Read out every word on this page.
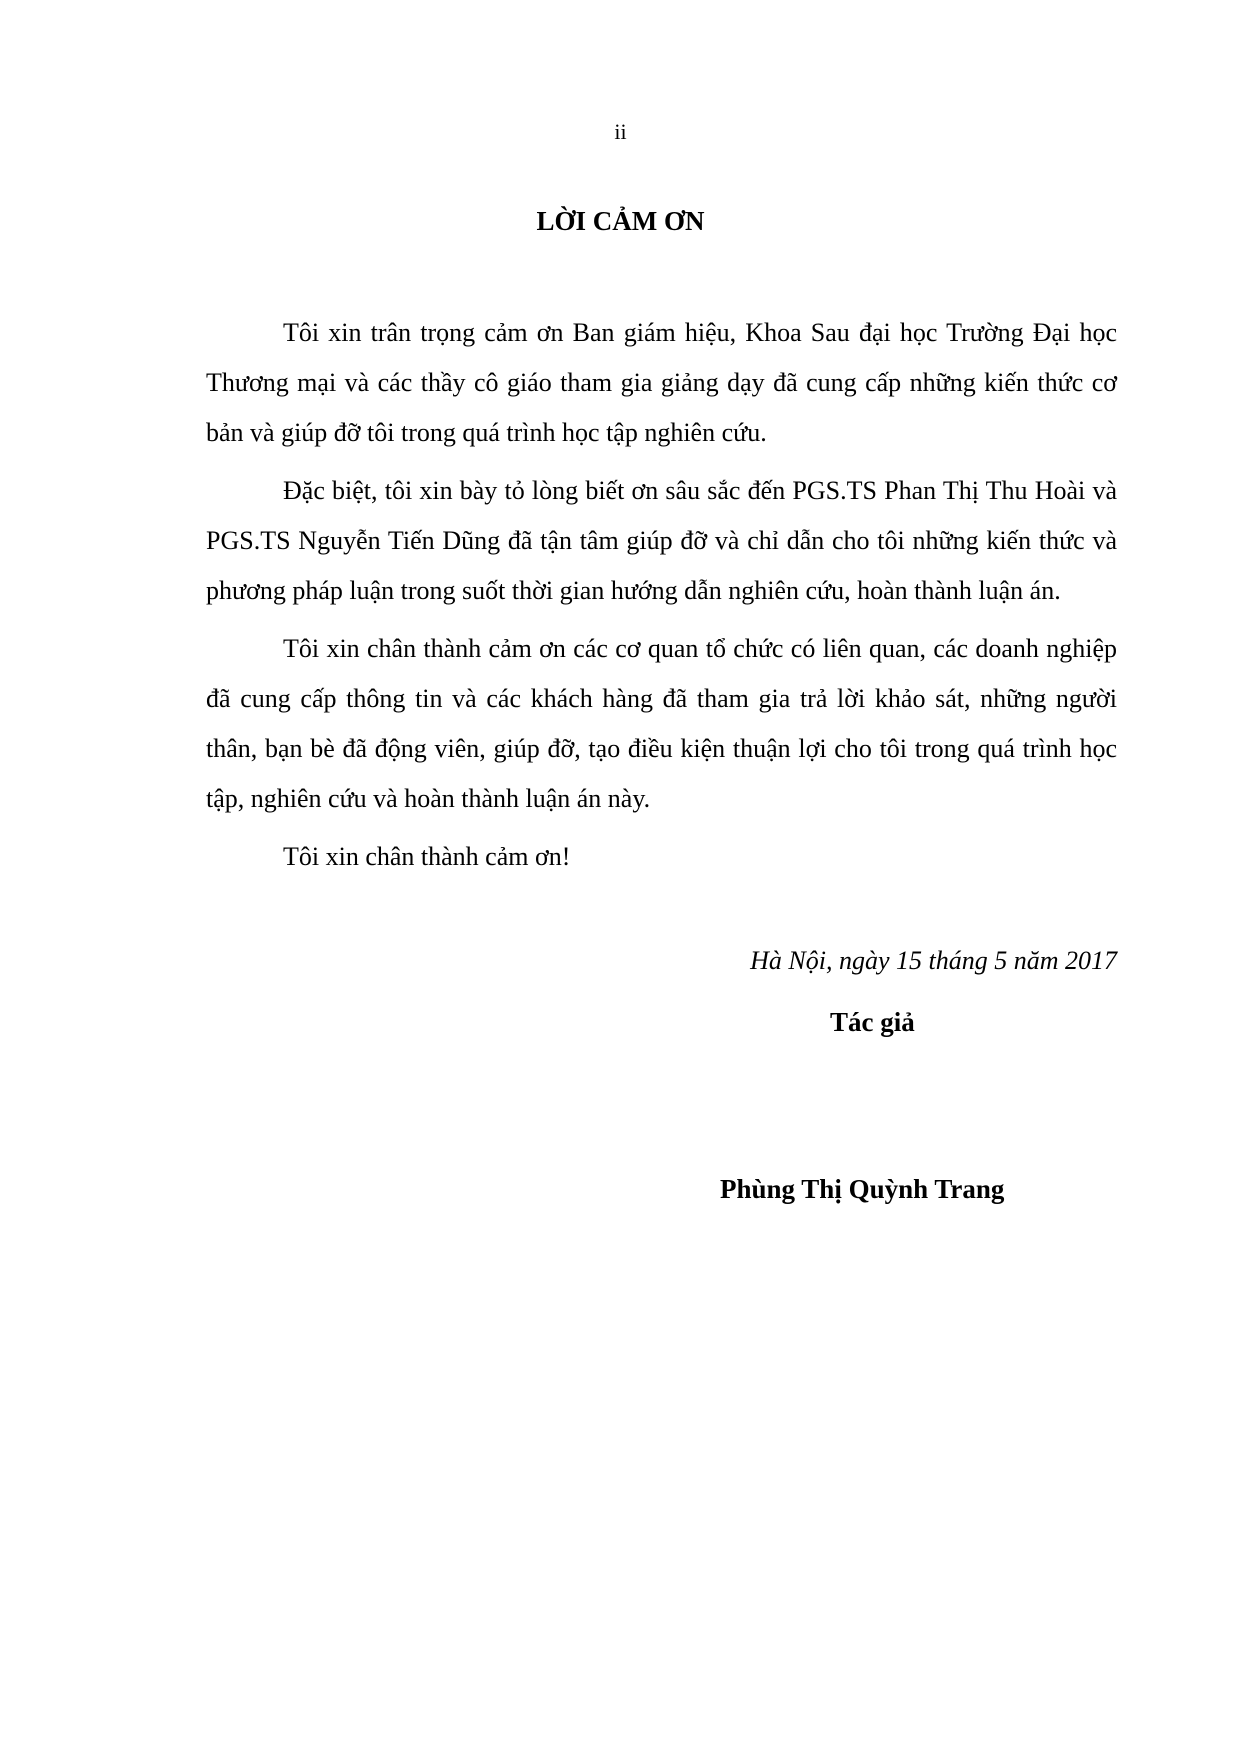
ii
LỜI CẢM ƠN

Tôi xin trân trọng cảm ơn Ban giám hiệu, Khoa Sau đại học Trường Đại học Thương mại và các thầy cô giáo tham gia giảng dạy đã cung cấp những kiến thức cơ bản và giúp đỡ tôi trong quá trình học tập nghiên cứu.

Đặc biệt, tôi xin bày tỏ lòng biết ơn sâu sắc đến PGS.TS Phan Thị Thu Hoài và PGS.TS Nguyễn Tiến Dũng đã tận tâm giúp đỡ và chỉ dẫn cho tôi những kiến thức và phương pháp luận trong suốt thời gian hướng dẫn nghiên cứu, hoàn thành luận án.

Tôi xin chân thành cảm ơn các cơ quan tổ chức có liên quan, các doanh nghiệp đã cung cấp thông tin và các khách hàng đã tham gia trả lời khảo sát, những người thân, bạn bè đã động viên, giúp đỡ, tạo điều kiện thuận lợi cho tôi trong quá trình học tập, nghiên cứu và hoàn thành luận án này.

Tôi xin chân thành cảm ơn!

Hà Nội, ngày 15 tháng 5 năm 2017
Tác giả
Phùng Thị Quỳnh Trang
